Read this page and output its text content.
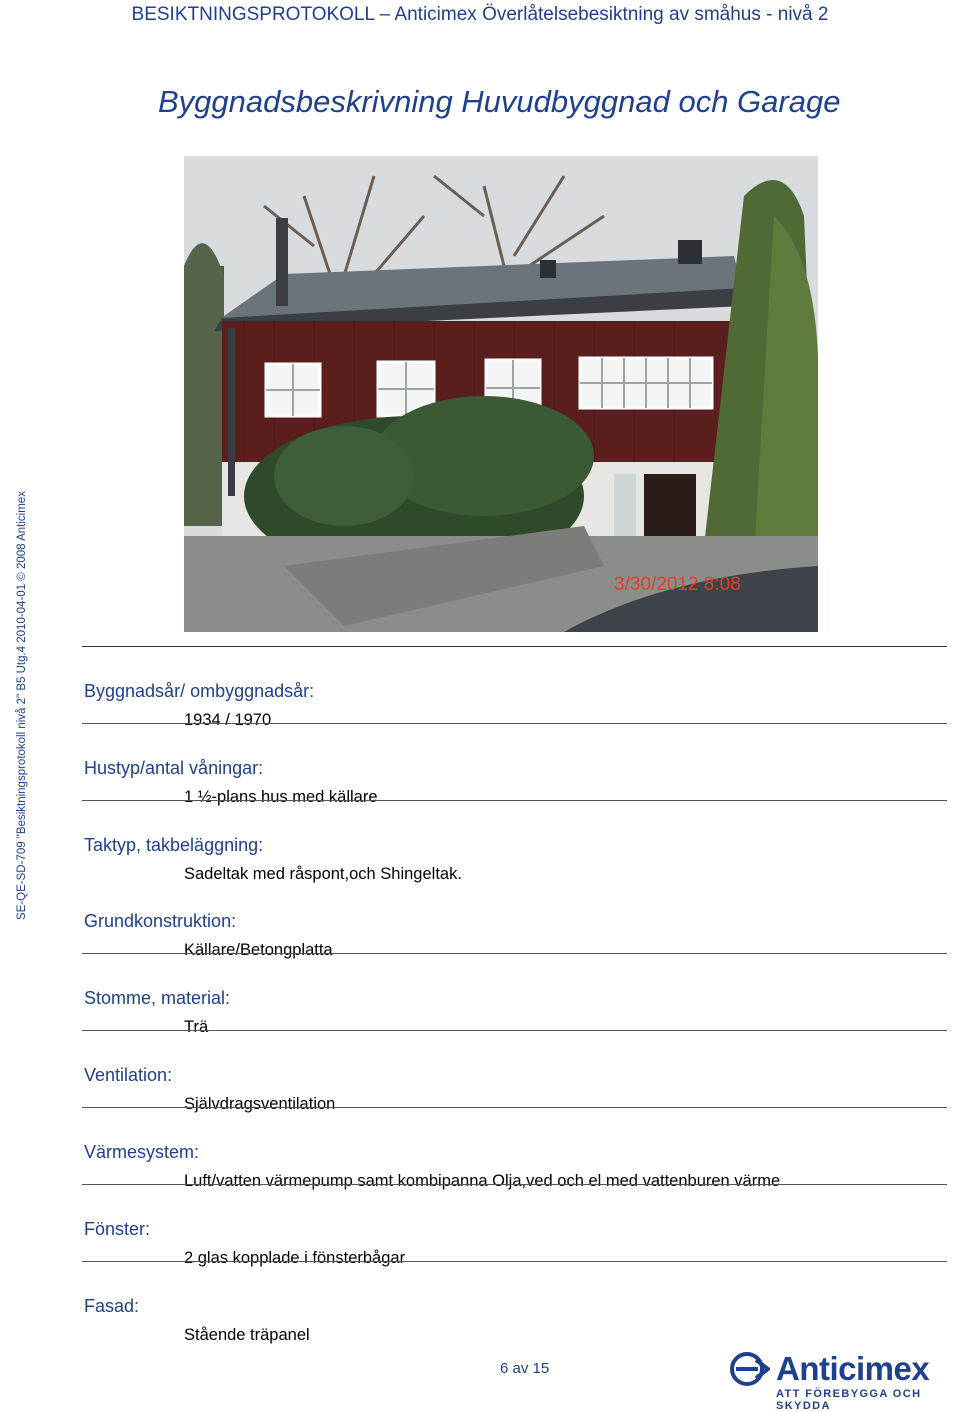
BESIKTNINGSPROTOKOLL – Anticimex Överlåtelsebesiktning av småhus - nivå 2
SE-QE-SD-709 "Besiktningsprotokoll nivå 2" B5 Utg.4 2010-04-01 © 2008 Anticimex
Byggnadsbeskrivning Huvudbyggnad och Garage
3/30/2012 8:08
Byggnadsår/ ombyggnadsår:
1934 / 1970
Hustyp/antal våningar:
1 ½-plans hus med källare
Taktyp, takbeläggning:
Sadeltak med råspont,och Shingeltak.
Grundkonstruktion:
Källare/Betongplatta
Stomme, material:
Trä
Ventilation:
Självdragsventilation
Värmesystem:
Luft/vatten värmepump samt kombipanna Olja,ved och el med vattenburen värme
Fönster:
2 glas kopplade i fönsterbågar
Fasad:
Stående träpanel
6 av 15	Anticimex
ATT FÖREBYGGA OCH SKYDDA
